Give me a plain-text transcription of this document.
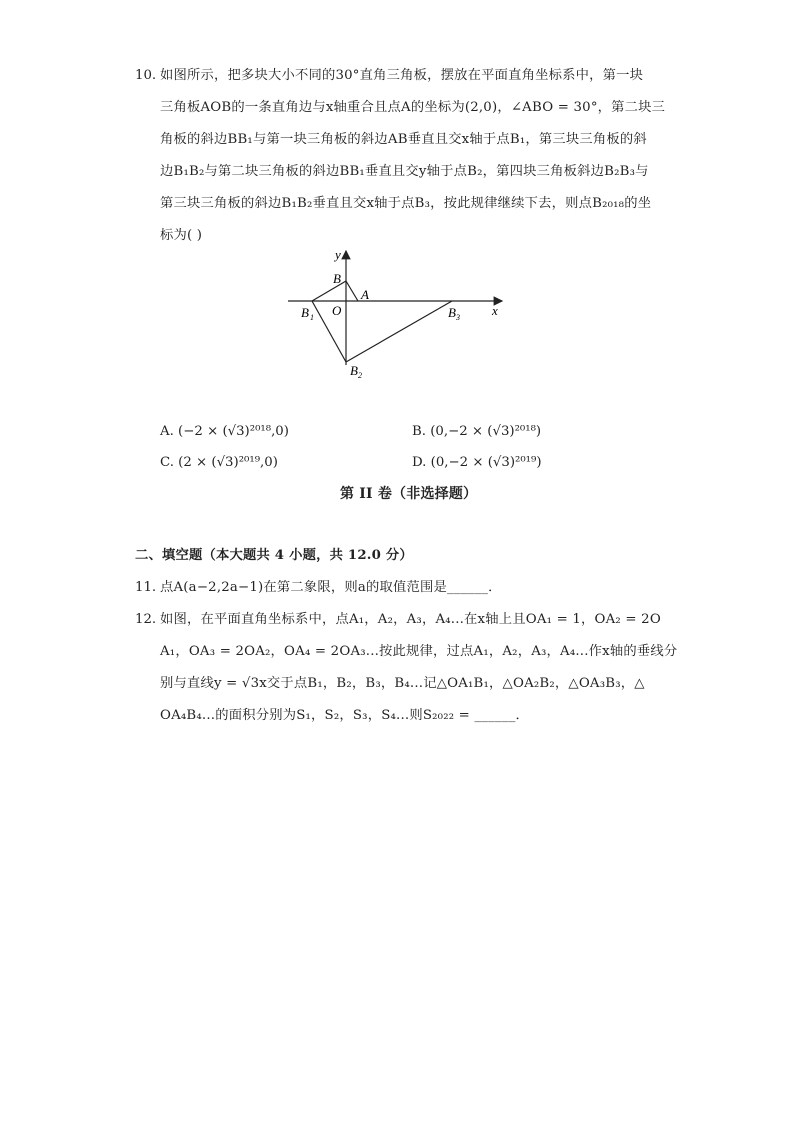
10. 如图所示，把多块大小不同的30°直角三角板，摆放在平面直角坐标系中，第一块
三角板AOB的一条直角边与x轴重合且点A的坐标为(2,0)，∠ABO = 30°，第二块三
角板的斜边BB₁与第一块三角板的斜边AB垂直且交x轴于点B₁，第三块三角板的斜
边B₁B₂与第二块三角板的斜边BB₁垂直且交y轴于点B₂，第四块三角板斜边B₂B₃与
第三块三角板的斜边B₁B₂垂直且交x轴于点B₃，按此规律继续下去，则点B₂₀₁₈的坐
标为( )
y
x
B
A
O
B 1
B 2
B 3
A. (−2 × (√3)²⁰¹⁸,0)	B. (0,−2 × (√3)²⁰¹⁸)
C. (2 × (√3)²⁰¹⁹,0)	D. (0,−2 × (√3)²⁰¹⁹)
第 II 卷（非选择题）
二、填空题（本大题共 4 小题，共 12.0 分）
11. 点A(a−2,2a−1)在第二象限，则a的取值范围是______．
12. 如图，在平面直角坐标系中，点A₁，A₂，A₃，A₄...在x轴上且OA₁ = 1，OA₂ = 2O
A₁，OA₃ = 2OA₂，OA₄ = 2OA₃...按此规律，过点A₁，A₂，A₃，A₄...作x轴的垂线分
别与直线y = √3x交于点B₁，B₂，B₃，B₄...记△OA₁B₁，△OA₂B₂，△OA₃B₃，△
OA₄B₄...的面积分别为S₁，S₂，S₃，S₄...则S₂₀₂₂ = ______．
